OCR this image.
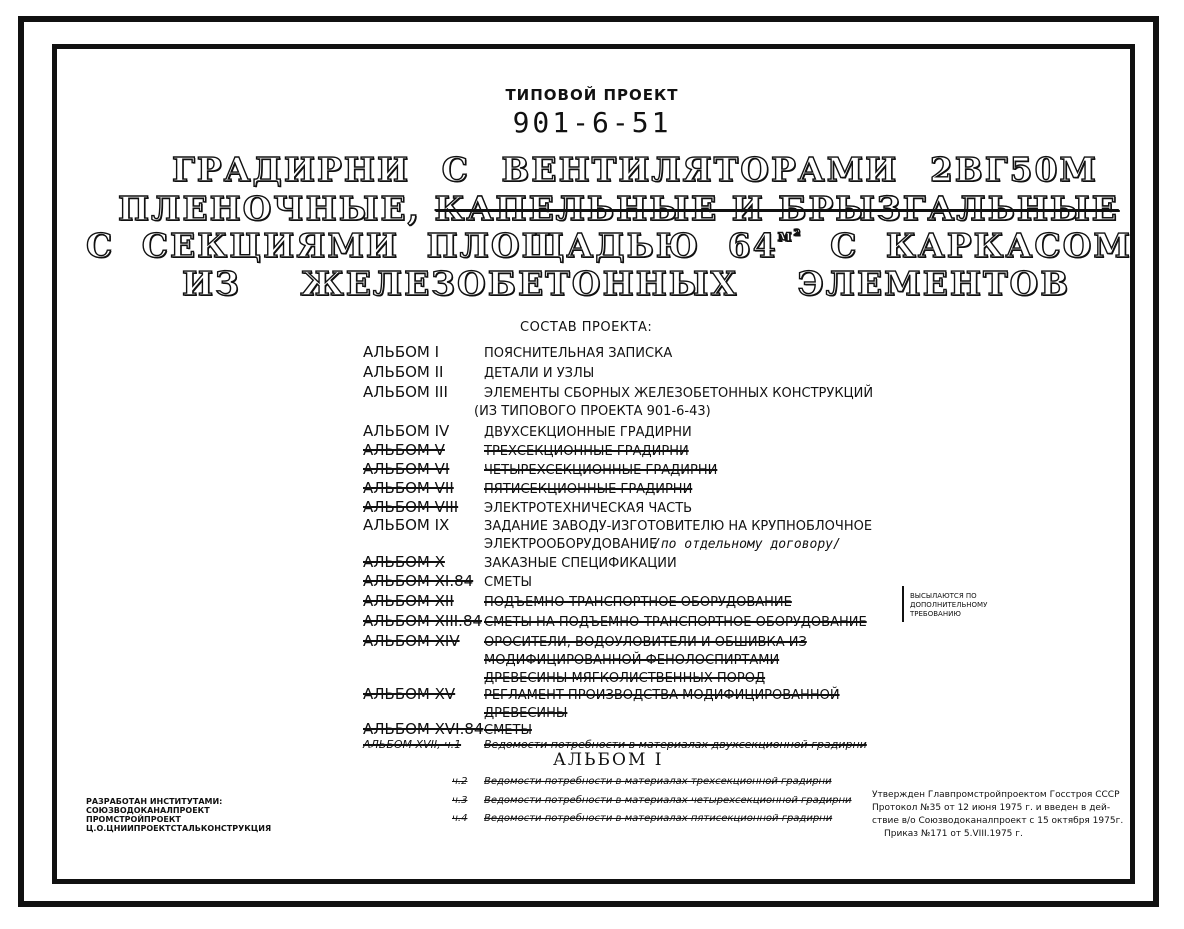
ТИПОВОЙ ПРОЕКТ
901-6-51
ГРАДИРНИ С ВЕНТИЛЯТОРАМИ 2ВГ50М
ПЛЕНОЧНЫЕ, КАПЕЛЬНЫЕ И БРЫЗГАЛЬНЫЕ
С СЕКЦИЯМИ ПЛОЩАДЬЮ $64^{м^2}$ С КАРКАСОМ
ИЗ ЖЕЛЕЗОБЕТОННЫХ ЭЛЕМЕНТОВ
СОСТАВ ПРОЕКТА:
АЛЬБОМ I	ПОЯСНИТЕЛЬНАЯ ЗАПИСКА
АЛЬБОМ II	ДЕТАЛИ И УЗЛЫ
АЛЬБОМ III	ЭЛЕМЕНТЫ СБОРНЫХ ЖЕЛЕЗОБЕТОННЫХ КОНСТРУКЦИЙ
(ИЗ ТИПОВОГО ПРОЕКТА 901-6-43)
АЛЬБОМ IV	ДВУХСЕКЦИОННЫЕ ГРАДИРНИ
АЛЬБОМ V	ТРЕХСЕКЦИОННЫЕ ГРАДИРНИ
АЛЬБОМ VI	ЧЕТЫРЕХСЕКЦИОННЫЕ ГРАДИРНИ
АЛЬБОМ VII ПЯТИСЕКЦИОННЫЕ ГРАДИРНИ
АЛЬБОМ VIII ЭЛЕКТРОТЕХНИЧЕСКАЯ ЧАСТЬ
АЛЬБОМ IX	ЗАДАНИЕ ЗАВОДУ-ИЗГОТОВИТЕЛЮ НА КРУПНОБЛОЧНОЕ
ЭЛЕКТРООБОРУДОВАНИЕ
/по отдельному договору/
АЛЬБОМ X	ЗАКАЗНЫЕ СПЕЦИФИКАЦИИ
АЛЬБОМ XI.84 СМЕТЫ
АЛЬБОМ XII ПОДЪЕМНО-ТРАНСПОРТНОЕ ОБОРУДОВАНИЕ
АЛЬБОМ XIII.84 СМЕТЫ НА ПОДЪЕМНО-ТРАНСПОРТНОЕ ОБОРУДОВАНИЕ
ВЫСЫЛАЮТСЯ ПО ДОПОЛНИТЕЛЬНОМУ ТРЕБОВАНИЮ
АЛЬБОМ XIV ОРОСИТЕЛИ, ВОДОУЛОВИТЕЛИ И ОБШИВКА ИЗ
МОДИФИЦИРОВАННОЙ ФЕНОЛОСПИРТАМИ
ДРЕВЕСИНЫ МЯГКОЛИСТВЕННЫХ ПОРОД
АЛЬБОМ XV РЕГЛАМЕНТ ПРОИЗВОДСТВА МОДИФИЦИРОВАННОЙ
ДРЕВЕСИНЫ
АЛЬБОМ XVI.84 СМЕТЫ
АЛЬБОМ XVII, ч.1 Ведомости потребности в материалах двухсекционной градирни
АЛЬБОМ I
ч.2 Ведомости потребности в материалах трехсекционной градирни
ч.3 Ведомости потребности в материалах четырехсекционной градирни
ч.4 Ведомости потребности в материалах пятисекционной градирни
РАЗРАБОТАН ИНСТИТУТАМИ:
СОЮЗВОДОКАНАЛПРОЕКТ
ПРОМСТРОЙПРОЕКТ
Ц.О.ЦНИИПРОЕКТСТАЛЬКОНСТРУКЦИЯ
Утвержден Главпромстройпроектом Госстроя СССР
Протокол №35 от 12 июня 1975 г. и введен в дей-
ствие в/о Союзводоканалпроект с 15 октября 1975г.
Приказ №171 от 5.VIII.1975 г.
